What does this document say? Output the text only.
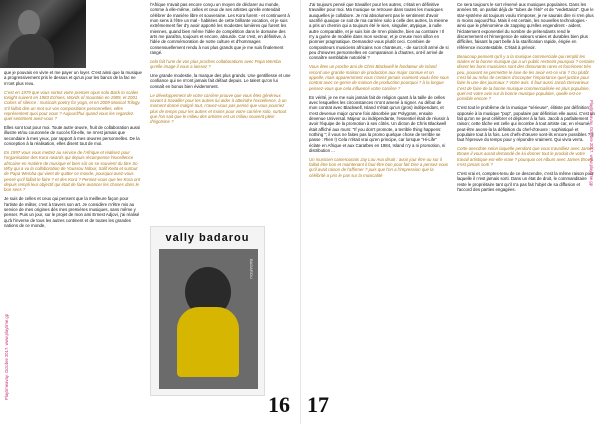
que je pouvais en vivre et me payer un loyer. C'est ainsi que la musique a progressivement pris le dessus et qu'un jour les bancs de la fac ne m'ont plus revu.

C'est en 1979 que vous sortez votre premier opus solo Back to scales tonight suivent en 1983 Echoes, Words of mountain en 1989, et 2001 Colors of silence : musicals poetry for yoga, et en 2009 Musical Trilogy. S'il fallait dire un mot sur vos compositions personnelles, elles représentent quoi pour vous ? Aujourd'hui quand vous les regardez quel sentiment avez-vous ?

Elles sont tout pour moi. Toute autre œuvre, fruit de collaboration aussi illustre et/ou couronnée de succès fût-elle, ne m'est jamais que secondaire à mes yeux, par rapport à mes œuvres personnelles. De la conception à la réalisation, elles disent tout de moi.

En 1997 vous vous mettez au service de l'Afrique et réalisez pour l'organisation des Kora Awards qui depuis récompense l'excellence africaine en matière de musique et bien sûr on se souvient du titre So Why qui a vu la collaboration de Youssou Ndour, Salif Keita et surtout de Papa Wemba qui vient de quitter ce monde, pourquoi avez-vous pensé qu'il fallait le faire ? et des Kora ? Pensez-vous que les Kora ont depuis rempli leur objectif qui était de faire avancer les choses dans le bon sens ?

Je suis de celles et ceux qui pensent que la meilleure façon pour l'artiste de militer, c'est à travers son art. Je considère m'être mis au service de mes origines dès mes premières musiques, sans même y penser. Puis un jour, sur le projet de mon ami Ernest Adjovi, j'ai réalisé qu'à l'inverse de tous les autres continent et de toutes les grandes nations de ce monde,

l'Afrique n'avait pas encore conçu un moyen de déclarer au monde, comme à elle-même, celles et ceux de ses artistes qu'elle entendait célébrer de manière libre et souveraine. Les Kora furent - et continuent à mon sens à l'être un mal - habitées de cette brillante vocation, et je suis extrêmement fier d'y avoir apporté les modestes lumières qui furent les miennes, quand bien même l'idée de compétition dans le domaine des arts me paraîtra, toujours et encore, absurde. Car c'est, en définitive, à l'idée de commémoration de notre culture et d'hommages consensuellement rendu à nos plus grands que je me suis finalement rangé.

cela fait l'une de vos plus proches collaborations avec Papa Wemba qu'elle image il vous a laissez ?

Une grande modestie, la marque des plus grands. Une gentillesse et une confiance qui ne m'ont jamais fait défaut depuis. Le talent qu'on lui connaît en bonus bien évidemment.

Le développement de votre carrière prouve que vous êtes généreux savant à travailler pour les autres lui aider à atteindre l'excellence, à un moment donné malgré tout, n'avez-vous pas pensé que vous pourriez plus de temps pour les autres et moins pour votre carrière solo, surtout que l'on sait que le milieu des artistes est un milieu souvent plein d'égoïsme ?

vally badarou
BADAROU
16
Playtimeavay. Octobre 2017. www.playtime.gp

J'ai toujours pensé que travailler pour les autres, c'était en définitive travailler pour moi. Ma musique se retrouve dans toutes les musiques auxquelles je collabore. Je n'ai absolument pas le sentiment d'avoir sacrifié quoique ce soit de ma carrière solo à celle des autres, la mienne a pris un chemin qui a toujours été le sien, singulier, atypique, à nulle autre comparable, et je suis loin de m'en plaindre, bien au contraire ! Il n'y a guère de modèle dans mon secteur, et je creuse mon sillon en pionnier pragmatique. Demandez-vous plutôt ceci. Combien de compositeurs musiciens africains non chanteurs, - de surcroît armé de si peu d'œuvres personnelles en comparaison à d'autres, ont-il arrivé de connaître semblable notoriété ?

Vous êtes un proche ami de Chris Blackwell le fondateur de Island record une grande maison de production aux major connue et on appelle, mais apparemment vous n'avez jamais vraiment voulu être sous contrat avec ce genre de maison de production pourquoi ? à la longue pensez-vous que cela influencé votre carrière ?

En vérité, je ne me suis jamais fait de religion quant à la taille de celles avec lesquelles les circonstances m'ont amené à signer. Au début de mon contrat avec Blackwell, Island n'était qu'un (gros) indépendant, et n'est devenue major qu'une fois absorbée par Polygram, ensuite devenue Universal. Majeur ou indépendante, l'essentiel était de réussir à avoir l'équipe de la promotion à ses côtés. Un dicton de Chris Blackwell était affiché aux murs: "If you don't promote, a terrible thing happens: nothing "; il vous ne faites pas la promo quelque chose de terrible se passe : Rien !) Cela n'était vrai qu'en principe, car lorsque "Hi-Life" éclate en Afrique et aux Caraïbes en 1984, Island n'y a ni promotion, ni distribution ...

Un musicien camerounais Jay Lou Ava disait : avoir jour être ou sur il fallait être bon et maintenant il faut être bon pour fait Dire a pensez-vous qu'il avait raison de l'affirmer ? puis que l'on a l'impression que la célébrité a pris le pas sur la musicalité

Ce sera toujours le sort réservé aux musiques populaires. Dans les années 50, on parlait déjà de "tubes de l'été" et de "vedettariat". Que le star-système ait toujours voulu s'imposer, je ne saurais dire ni s'en plus ni moins aujourd'hui. Mais il est certain, les nouvelles technologies - ainsi que le phénomène de zapping qu'elles engendrent - aident, l'éclatement exponentiel du nombre de prétendants rend le discernement et l'émergence de valeurs vraies et durables bien plus difficiles, faisant la part belle à la starification rapide, érigée en référence incontestable. C'était à prévoir.

Beaucoup pensent qu'il y a la musique commerciale qui remplit les stades et la bonne musique qui a un public restreint pourquoi ? certains disent les bons musiciens sont des dissonants rares et forcément très peu, pouvant se permettre le luxe de les avoir est-ce vrai ? Ou plutôt c'est lié au refus de certains d'accepter l'importance quel justice pour faire la une des journaux ? Votre avis. Il faut aussi Jacob Desvarieux c'est de faire de la bonne musique commercialisée en plus populaire, quel est votre avis sur la bonne musique populaire, quelle est-ce possible encore ?

C'est tout le problème de la musique "sérieuse", élitiste par définition, opposée à la musique "pop", populaire par définition elle aussi. C'est un fait qu'on ne peut célébrer et déplorer à la fois. Jacob a parfaitement raison; cette tâche est celle qui incombe à tout artiste car, en résumé, peut-être avons-la la définition du chef-d'œuvre : sophistiqué et populaire tout à la fois. Les chefs-d'œuvre sont-ils encore possibles ? Il faut l'épreuve du temps pour y répondre vraiment. Qui vivra verra.

Cette anecdote selon laquelle pendant que vous travailliez avec James Brown il vous aurait demandé de lui donner tout le produit de votre travail artistique est-elle vraie ? pourquoi cet Album avec James Brown n'est jamais sorti ?

C'est vrai et, comptes-tenu de ce descendre, c'est la même raison pour laquelle il n'est jamais sorti. Dans un état de droit, le commanditaire reste le propriétaire tant qu'il n'a pas fait l'objet de sa diffusion et l'accord des parties engagées.

17
Playtimeavay. Octobre 2017. www.playtime.gp
